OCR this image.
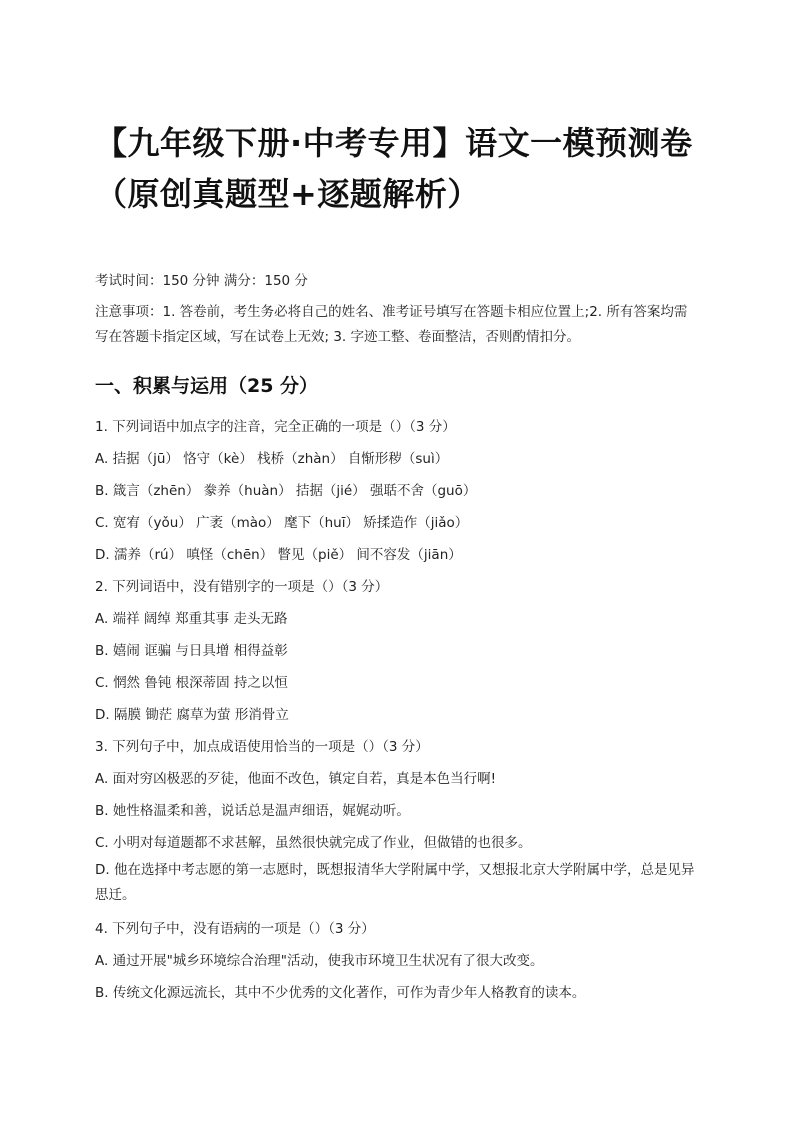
【九年级下册·中考专用】语文一模预测卷（原创真题型+逐题解析）

考试时间：150 分钟 满分：150 分

注意事项：1. 答卷前，考生务必将自己的姓名、准考证号填写在答题卡相应位置上;2. 所有答案均需写在答题卡指定区域，写在试卷上无效; 3. 字迹工整、卷面整洁，否则酌情扣分。

一、积累与运用（25 分）

1. 下列词语中加点字的注音，完全正确的一项是（）（3 分）

A. 拮据（jū） 恪守（kè） 栈桥（zhàn） 自惭形秽（suì）

B. 箴言（zhēn） 豢养（huàn） 拮据（jié） 强聒不舍（guō）

C. 宽宥（yǒu） 广袤（mào） 麾下（huī） 矫揉造作（jiǎo）

D. 濡养（rú） 嗔怪（chēn） 瞥见（piě） 间不容发（jiān）

2. 下列词语中，没有错别字的一项是（）（3 分）

A. 端祥 阔绰 郑重其事 走头无路

B. 嬉闹 诓骗 与日具增 相得益彰

C. 惘然 鲁钝 根深蒂固 持之以恒

D. 隔膜 锄茫 腐草为萤 形消骨立

3. 下列句子中，加点成语使用恰当的一项是（）（3 分）

A. 面对穷凶极恶的歹徒，他面不改色，镇定自若，真是本色当行啊!

B. 她性格温柔和善，说话总是温声细语，娓娓动听。

C. 小明对每道题都不求甚解，虽然很快就完成了作业，但做错的也很多。

D. 他在选择中考志愿的第一志愿时，既想报清华大学附属中学，又想报北京大学附属中学，总是见异思迁。

4. 下列句子中，没有语病的一项是（）（3 分）

A. 通过开展"城乡环境综合治理"活动，使我市环境卫生状况有了很大改变。

B. 传统文化源远流长，其中不少优秀的文化著作，可作为青少年人格教育的读本。
